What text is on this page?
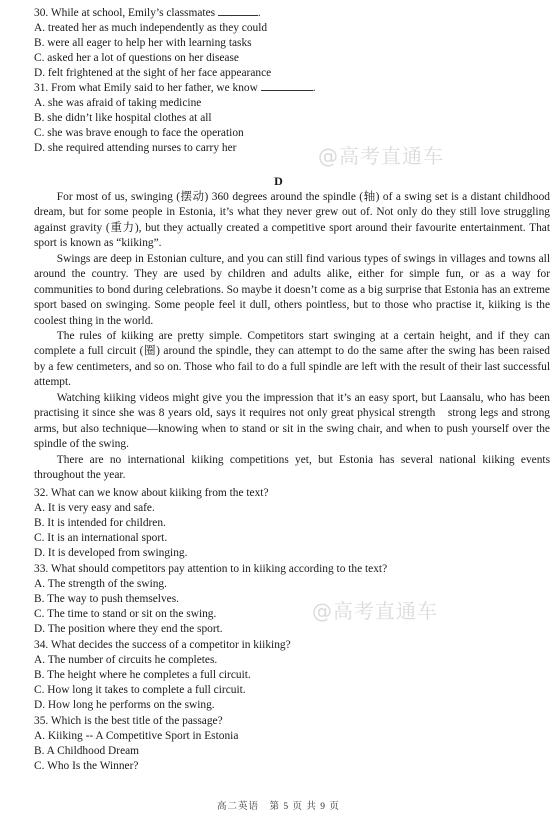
30. While at school, Emily’s classmates	.
A. treated her as much independently as they could
B. were all eager to help her with learning tasks
C. asked her a lot of questions on her disease
D. felt frightened at the sight of her face appearance
31. From what Emily said to her father, we know	.
A. she was afraid of taking medicine
B. she didn’t like hospital clothes at all
C. she was brave enough to face the operation
D. she required attending nurses to carry her
D
For most of us, swinging (摆动) 360 degrees around the spindle (轴) of a swing set is a distant childhood dream, but for some people in Estonia, it’s what they never grew out of. Not only do they still love struggling against gravity (重力), but they actually created a competitive sport around their favourite entertainment. That sport is known as “kiiking”.
Swings are deep in Estonian culture, and you can still find various types of swings in villages and towns all around the country. They are used by children and adults alike, either for simple fun, or as a way for communities to bond during celebrations. So maybe it doesn’t come as a big surprise that Estonia has an extreme sport based on swinging. Some people feel it dull, others pointless, but to those who practise it, kiiking is the coolest thing in the world.
The rules of kiiking are pretty simple. Competitors start swinging at a certain height, and if they can complete a full circuit (圈) around the spindle, they can attempt to do the same after the swing has been raised by a few centimeters, and so on. Those who fail to do a full spindle are left with the result of their last successful attempt.
Watching kiiking videos might give you the impression that it’s an easy sport, but Laansalu, who has been practising it since she was 8 years old, says it requires not only great physical strength　strong legs and strong arms, but also technique—knowing when to stand or sit in the swing chair, and when to push yourself over the spindle of the swing.
There are no international kiiking competitions yet, but Estonia has several national kiiking events throughout the year.
32. What can we know about kiiking from the text?
A. It is very easy and safe.
B. It is intended for children.
C. It is an international sport.
D. It is developed from swinging.
33. What should competitors pay attention to in kiiking according to the text?
A. The strength of the swing.
B. The way to push themselves.
C. The time to stand or sit on the swing.
D. The position where they end the sport.
34. What decides the success of a competitor in kiiking?
A. The number of circuits he completes.
B. The height where he completes a full circuit.
C. How long it takes to complete a full circuit.
D. How long he performs on the swing.
35. Which is the best title of the passage?
A. Kiiking -- A Competitive Sport in Estonia
B. A Childhood Dream
C. Who Is the Winner?
@高考直通车
@高考直通车
高二英语　第 5 页 共 9 页
